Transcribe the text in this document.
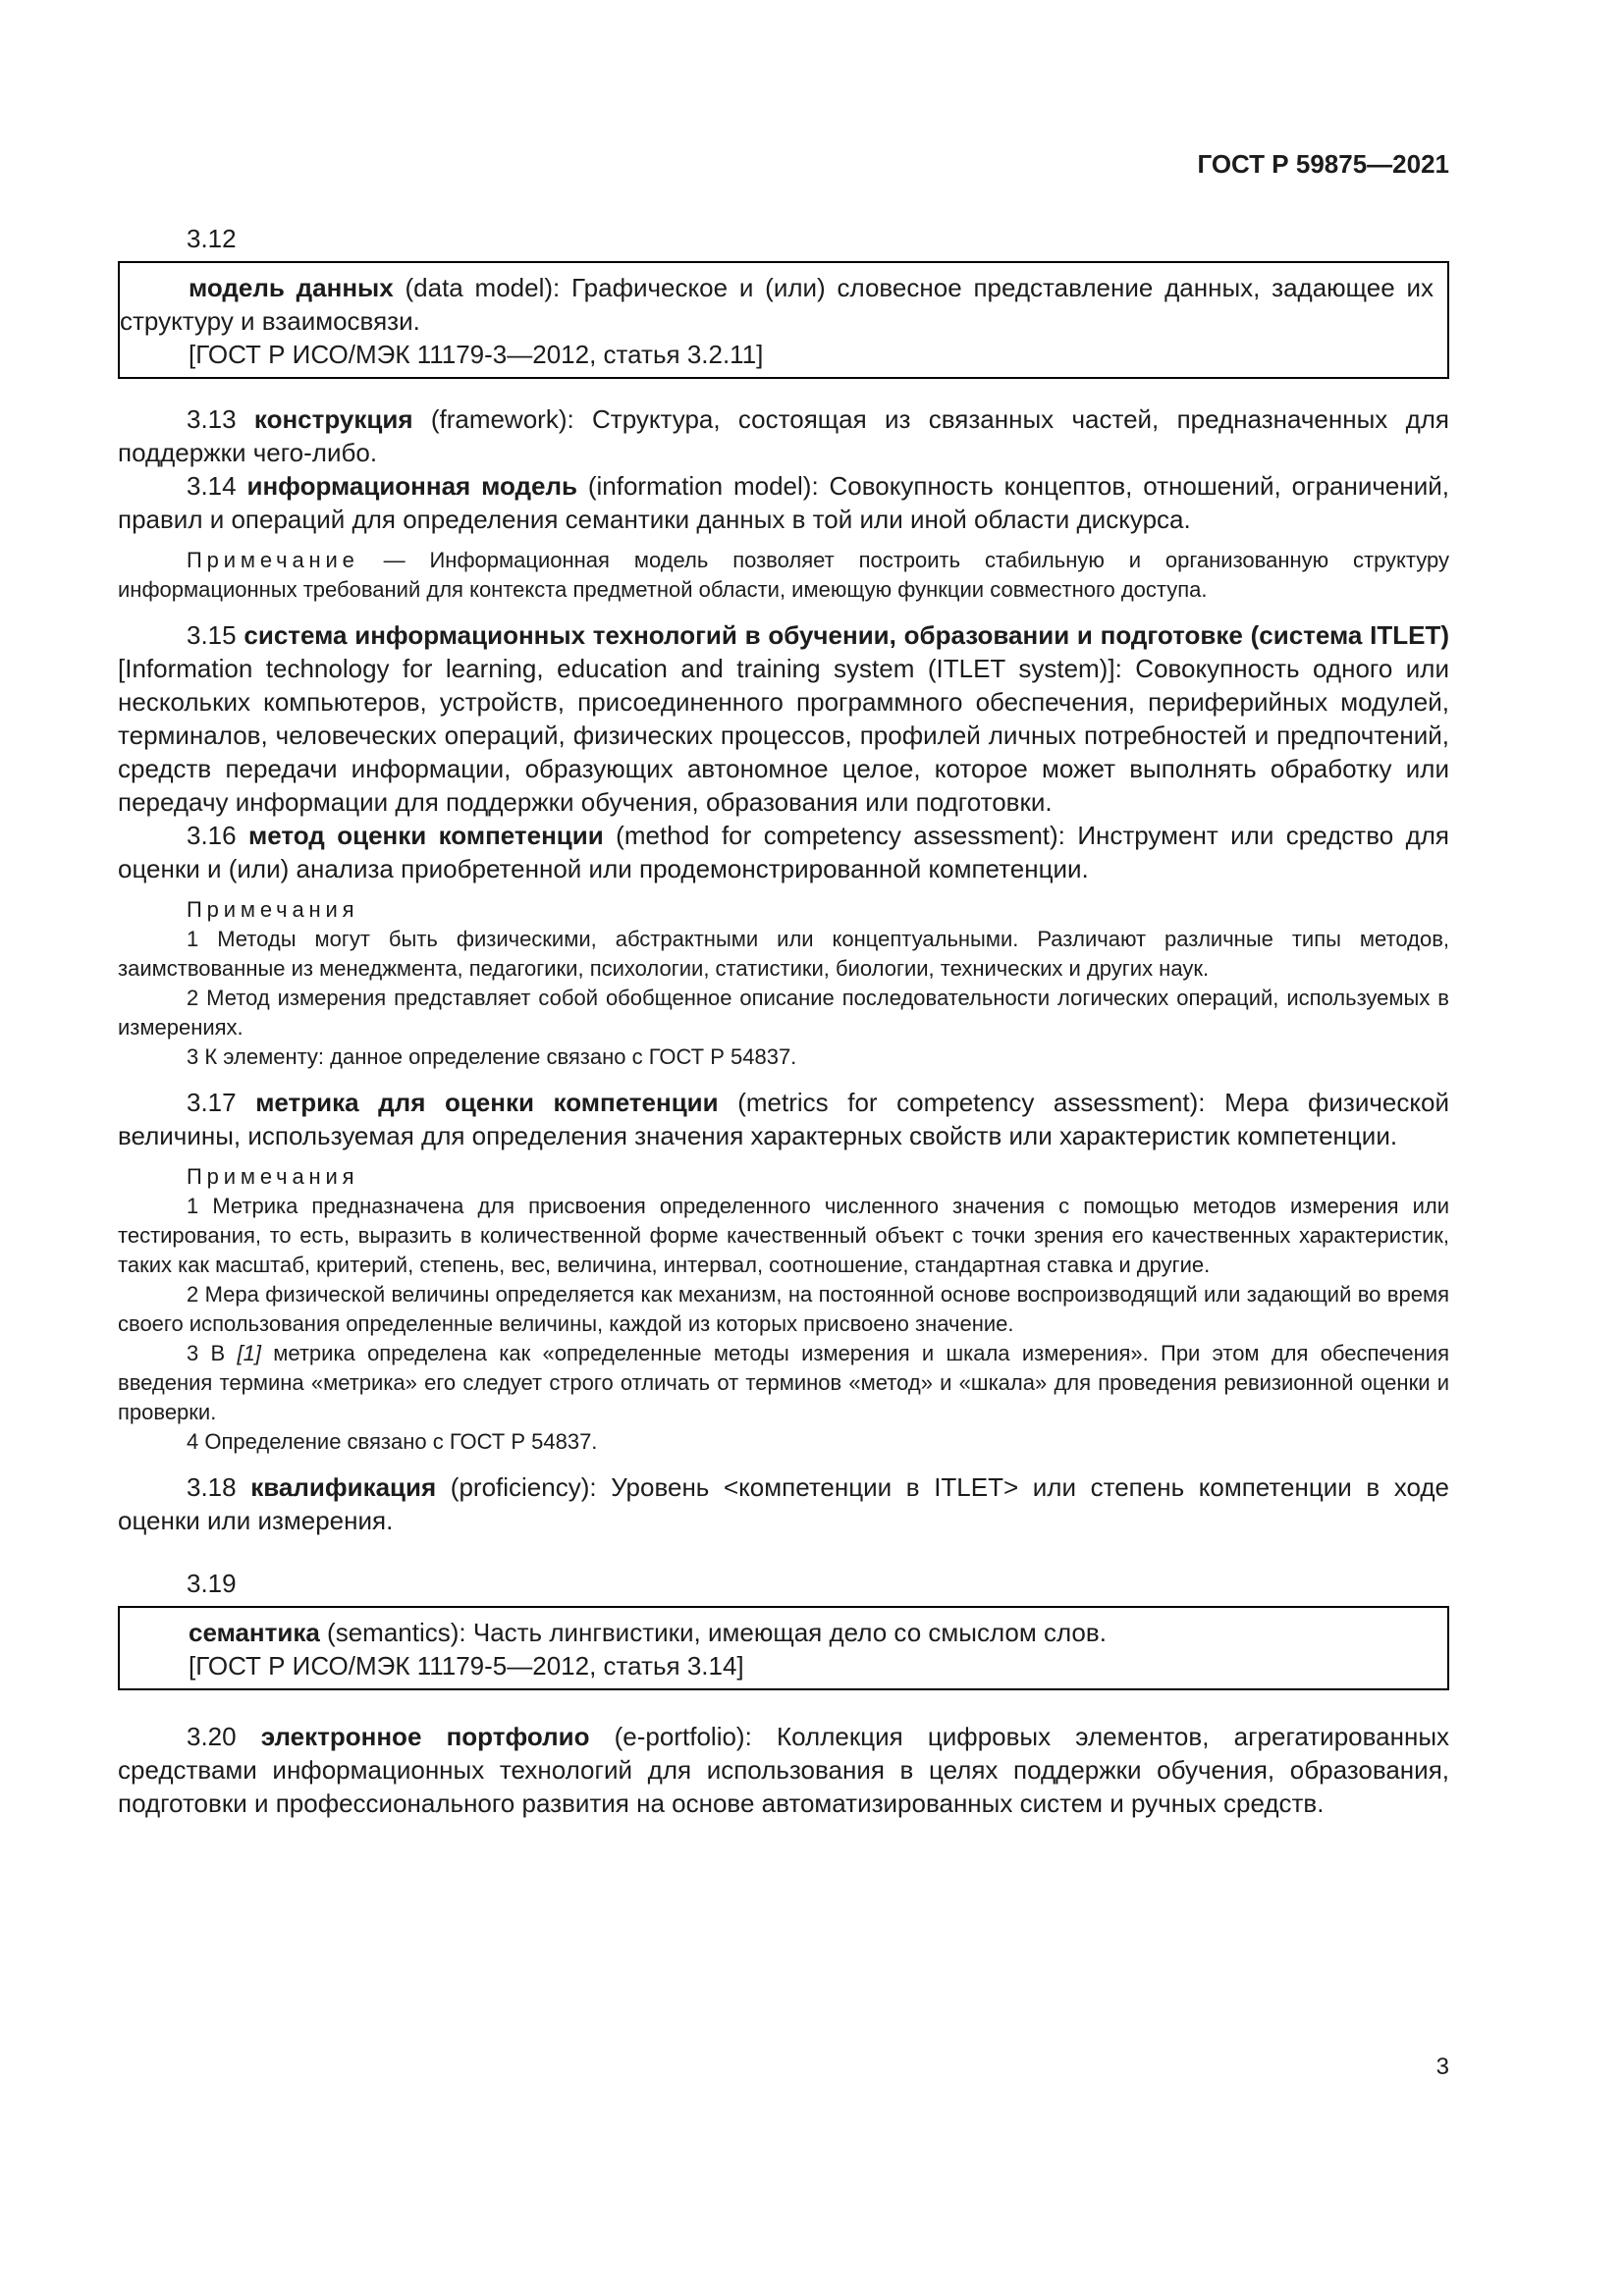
ГОСТ Р 59875—2021

3.12

модель данных (data model): Графическое и (или) словесное представление данных, задающее их структуру и взаимосвязи.

[ГОСТ Р ИСО/МЭК 11179-3—2012, статья 3.2.11]

3.13 конструкция (framework): Структура, состоящая из связанных частей, предназначенных для поддержки чего-либо.

3.14 информационная модель (information model): Совокупность концептов, отношений, ограничений, правил и операций для определения семантики данных в той или иной области дискурса.

Примечание — Информационная модель позволяет построить стабильную и организованную структуру информационных требований для контекста предметной области, имеющую функции совместного доступа.

3.15 система информационных технологий в обучении, образовании и подготовке (система ITLET) [Information technology for learning, education and training system (ITLET system)]: Совокупность одного или нескольких компьютеров, устройств, присоединенного программного обеспечения, периферийных модулей, терминалов, человеческих операций, физических процессов, профилей личных потребностей и предпочтений, средств передачи информации, образующих автономное целое, которое может выполнять обработку или передачу информации для поддержки обучения, образования или подготовки.

3.16 метод оценки компетенции (method for competency assessment): Инструмент или средство для оценки и (или) анализа приобретенной или продемонстрированной компетенции.

Примечания

1 Методы могут быть физическими, абстрактными или концептуальными. Различают различные типы методов, заимствованные из менеджмента, педагогики, психологии, статистики, биологии, технических и других наук.

2 Метод измерения представляет собой обобщенное описание последовательности логических операций, используемых в измерениях.

3 К элементу: данное определение связано с ГОСТ Р 54837.

3.17 метрика для оценки компетенции (metrics for competency assessment): Мера физической величины, используемая для определения значения характерных свойств или характеристик компетенции.

Примечания

1 Метрика предназначена для присвоения определенного численного значения с помощью методов измерения или тестирования, то есть, выразить в количественной форме качественный объект с точки зрения его качественных характеристик, таких как масштаб, критерий, степень, вес, величина, интервал, соотношение, стандартная ставка и другие.

2 Мера физической величины определяется как механизм, на постоянной основе воспроизводящий или задающий во время своего использования определенные величины, каждой из которых присвоено значение.

3 В [1] метрика определена как «определенные методы измерения и шкала измерения». При этом для обеспечения введения термина «метрика» его следует строго отличать от терминов «метод» и «шкала» для проведения ревизионной оценки и проверки.

4 Определение связано с ГОСТ Р 54837.

3.18 квалификация (proficiency): Уровень <компетенции в ITLET> или степень компетенции в ходе оценки или измерения.

3.19

семантика (semantics): Часть лингвистики, имеющая дело со смыслом слов.

[ГОСТ Р ИСО/МЭК 11179-5—2012, статья 3.14]

3.20 электронное портфолио (e-portfolio): Коллекция цифровых элементов, агрегатированных средствами информационных технологий для использования в целях поддержки обучения, образования, подготовки и профессионального развития на основе автоматизированных систем и ручных средств.

3
